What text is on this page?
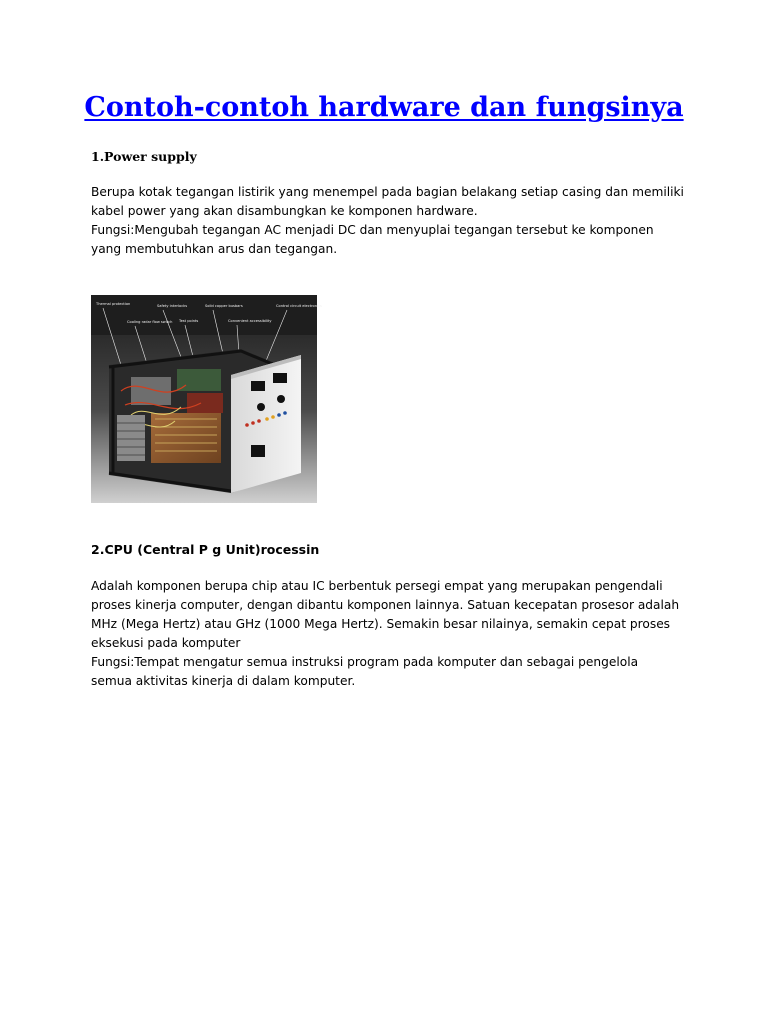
Contoh-contoh hardware dan fungsinya
1.Power supply

Berupa kotak tegangan listirik yang menempel pada bagian belakang setiap casing dan memiliki

kabel power yang akan disambungkan ke komponen hardware.

Fungsi:Mengubah tegangan AC menjadi DC dan menyuplai tegangan tersebut ke komponen

yang membutuhkan arus dan tegangan.

Thermal protection
Cooling radar flow switch
Safety interlocks
Test points
Solid copper busbars
Convenient accessibility
Control circuit electronics
2.CPU (Central P g Unit)rocessin

Adalah komponen berupa chip atau IC berbentuk persegi empat yang merupakan pengendali

proses kinerja computer, dengan dibantu komponen lainnya. Satuan kecepatan prosesor adalah

MHz (Mega Hertz) atau GHz (1000 Mega Hertz). Semakin besar nilainya, semakin cepat proses

eksekusi pada komputer

Fungsi:Tempat mengatur semua instruksi program pada komputer dan sebagai pengelola

semua aktivitas kinerja di dalam komputer.
